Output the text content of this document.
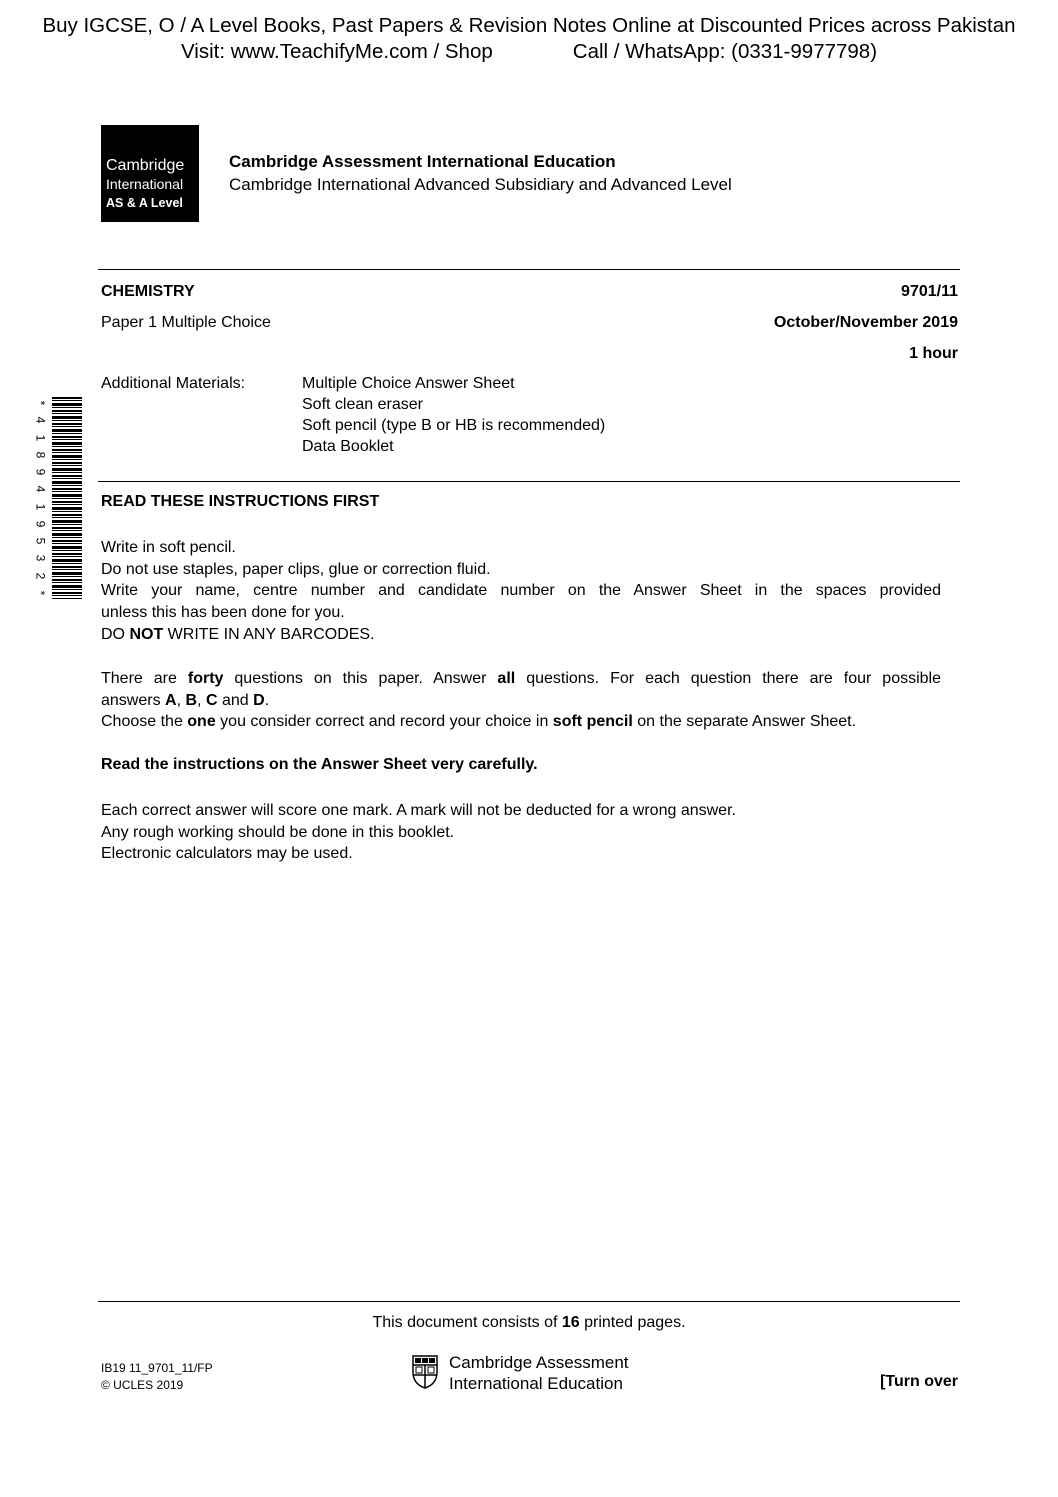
Buy IGCSE, O / A Level Books, Past Papers & Revision Notes Online at Discounted Prices across Pakistan
Visit: www.TeachifyMe.com / Shop	Call / WhatsApp: (0331-9977798)
Cambridge
International
AS & A Level
Cambridge Assessment International Education
Cambridge International Advanced Subsidiary and Advanced Level
CHEMISTRY	9701/11
Paper 1 Multiple Choice	October/November 2019
1 hour
Additional Materials:	Multiple Choice Answer Sheet
Soft clean eraser
Soft pencil (type B or HB is recommended)
Data Booklet
*
4
1
8
9
4
1
9
5
3
2
*
READ THESE INSTRUCTIONS FIRST

Write in soft pencil.

Do not use staples, paper clips, glue or correction fluid.

Write your name, centre number and candidate number on the Answer Sheet in the spaces provided

unless this has been done for you.

DO NOT WRITE IN ANY BARCODES.

There are forty questions on this paper. Answer all questions. For each question there are four possible

answers A, B, C and D.

Choose the one you consider correct and record your choice in soft pencil on the separate Answer Sheet.

Read the instructions on the Answer Sheet very carefully.

Each correct answer will score one mark. A mark will not be deducted for a wrong answer.

Any rough working should be done in this booklet.

Electronic calculators may be used.

This document consists of 16 printed pages.
IB19 11_9701_11/FP
© UCLES 2019
Cambridge Assessment
International Education	[Turn over
